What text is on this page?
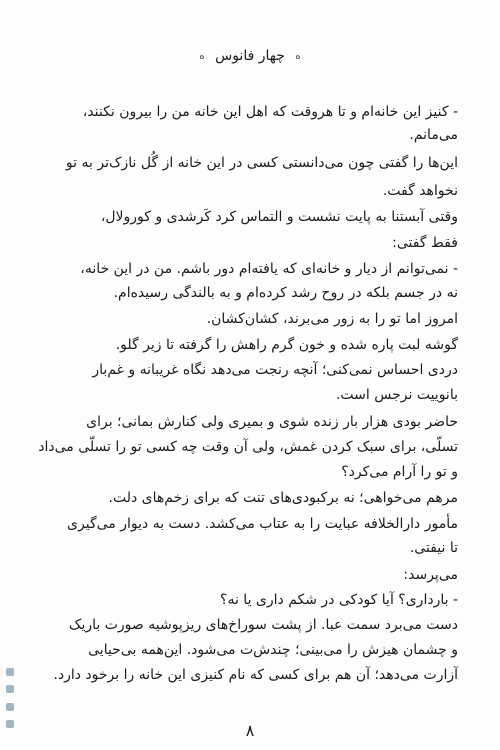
ه چهار فانوس ه
- کنیز این خانه‌ام و تا هروقت که اهل این خانه من را بیرون نکنند،
می‌مانم.
این‌ها را گفتی چون می‌دانستی کسی در این خانه از گُل نازک‌تر به تو
نخواهد گفت.
وقتی آبستنا به پایت نشست و التماس کرد کَرشدی و کورولال،
فقط گفتی:
- نمی‌توانم از دیار و خانه‌ای که یافته‌ام دور باشم. من در این خانه،
نه در جسم بلکه در روح رشد کرده‌ام و به بالندگی رسیده‌ام.
امروز اما تو را به زور می‌برند، کشان‌کشان.
گوشه لبت پاره شده و خون گرم راهش را گرفته تا زیر گلو.
دردی احساس نمی‌کنی؛ آنچه رنجت می‌دهد نگاه غریبانه و غم‌بار
بانوییت نرجس است.
حاضر بودی هزار بار زنده شوی و بمیری ولی کنارش بمانی؛ برای
تسلّی، برای سبک کردن غمش، ولی آن وقت چه کسی تو را تسلّی می‌داد
و تو را آرام می‌کرد؟
مرهم می‌خواهی؛ نه برکبودی‌های تنت که برای زخم‌های دلت.
مأمور دارالخلافه عبایت را به عتاب می‌کشد. دست به دیوار می‌گیری
تا نیفتی.
می‌پرسد:
- بارداری؟ آیا کودکی در شکم داری یا نه؟
دست می‌برد سمت عبا. از پشت سوراخ‌های ریزپوشیه صورت باریک
و چشمان هیزش را می‌بینی؛ چندش‌ت می‌شود. این‌همه بی‌حیایی
آزارت می‌دهد؛ آن هم برای کسی که نام کنیزی این خانه را برخود دارد.
۸
